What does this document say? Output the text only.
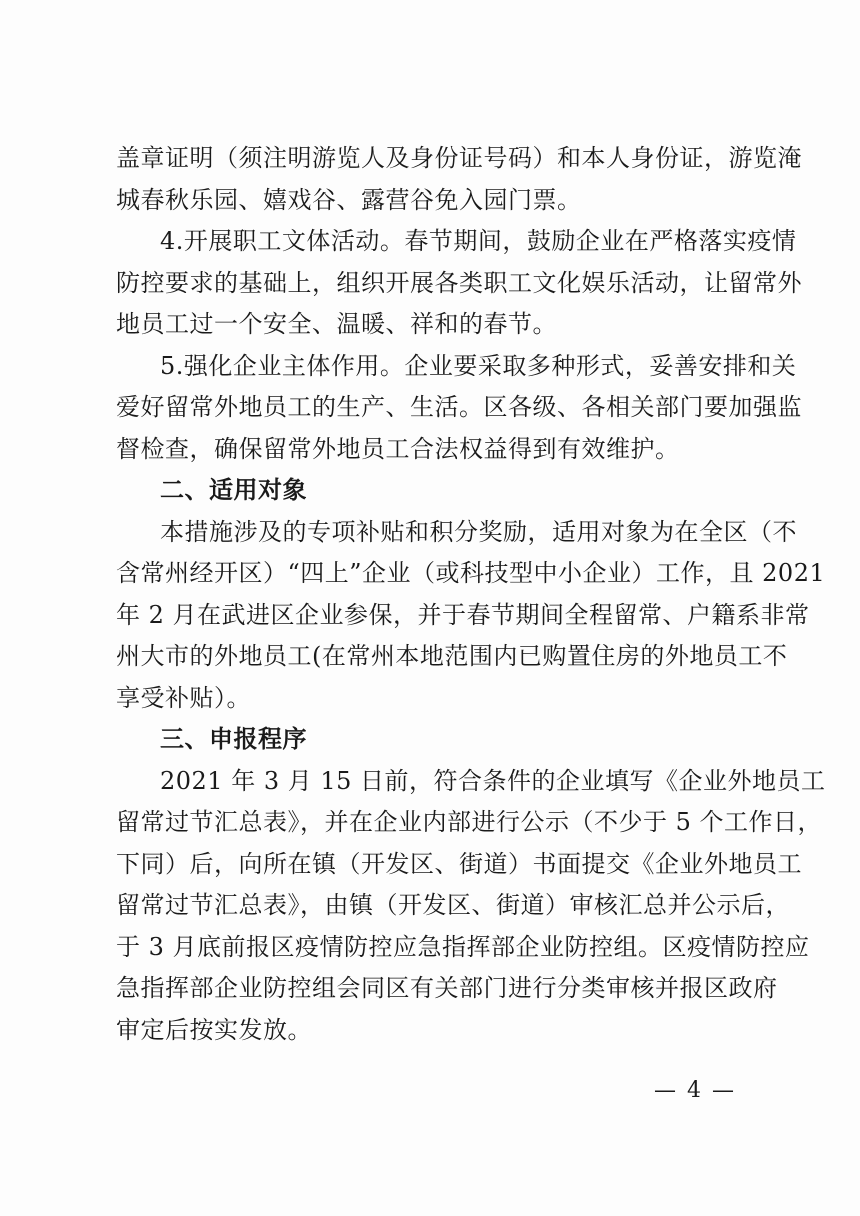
盖章证明（须注明游览人及身份证号码）和本人身份证，游览淹
城春秋乐园、嬉戏谷、露营谷免入园门票。
4.开展职工文体活动。春节期间，鼓励企业在严格落实疫情
防控要求的基础上，组织开展各类职工文化娱乐活动，让留常外
地员工过一个安全、温暖、祥和的春节。
5.强化企业主体作用。企业要采取多种形式，妥善安排和关
爱好留常外地员工的生产、生活。区各级、各相关部门要加强监
督检查，确保留常外地员工合法权益得到有效维护。
二、适用对象
本措施涉及的专项补贴和积分奖励，适用对象为在全区（不
含常州经开区）“四上”企业（或科技型中小企业）工作，且 2021
年 2 月在武进区企业参保，并于春节期间全程留常、户籍系非常
州大市的外地员工(在常州本地范围内已购置住房的外地员工不
享受补贴）。
三、申报程序
2021 年 3 月 15 日前，符合条件的企业填写《企业外地员工
留常过节汇总表》，并在企业内部进行公示（不少于 5 个工作日，
下同）后，向所在镇（开发区、街道）书面提交《企业外地员工
留常过节汇总表》，由镇（开发区、街道）审核汇总并公示后，
于 3 月底前报区疫情防控应急指挥部企业防控组。区疫情防控应
急指挥部企业防控组会同区有关部门进行分类审核并报区政府
审定后按实发放。
— 4 —
